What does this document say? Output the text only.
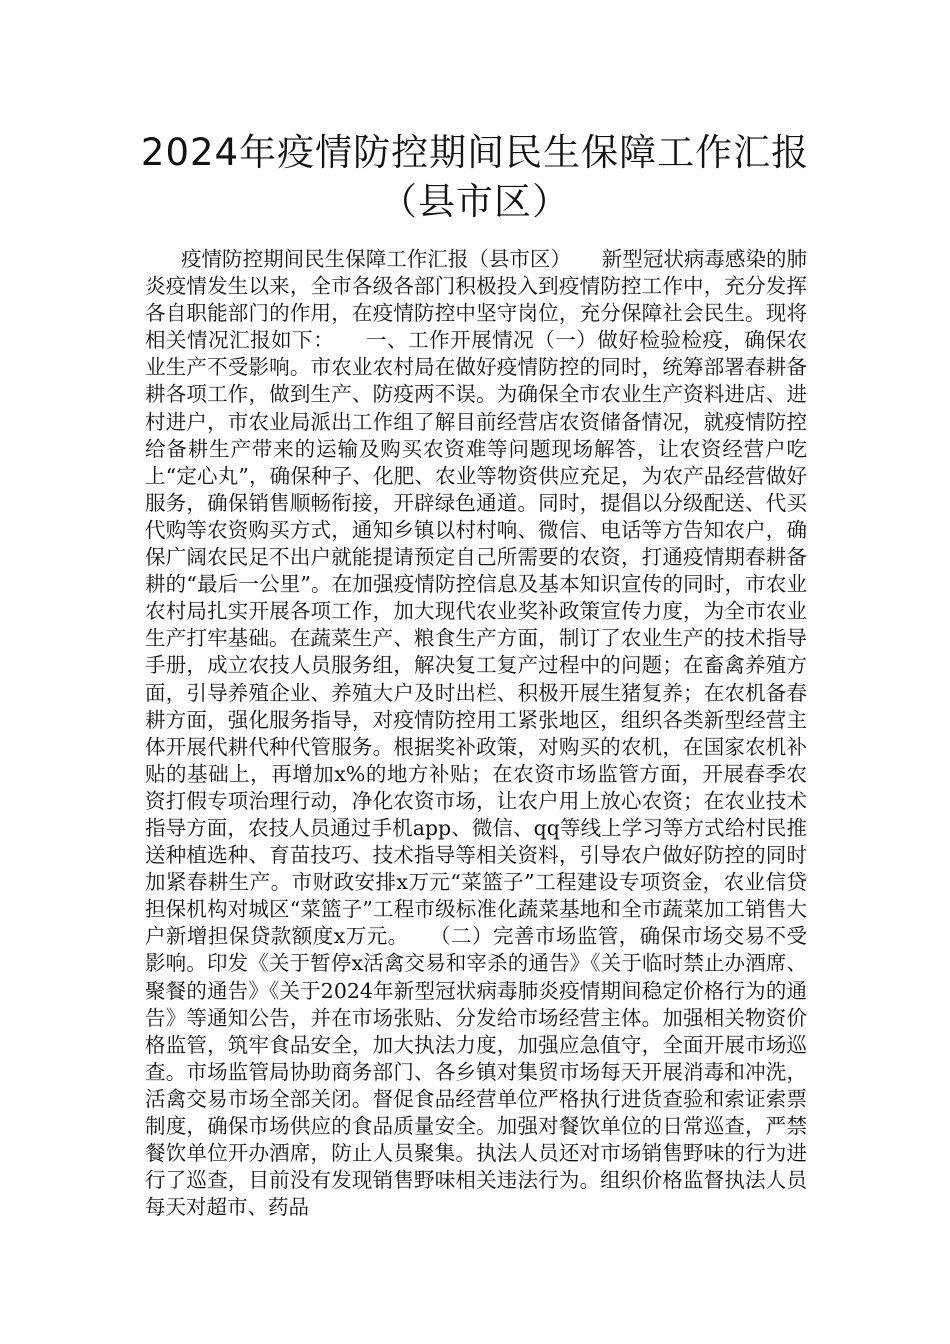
2024年疫情防控期间民生保障工作汇报
（县市区）

疫情防控期间民生保障工作汇报（县市区）　　新型冠状病毒感染的肺炎疫情发生以来，全市各级各部门积极投入到疫情防控工作中，充分发挥各自职能部门的作用，在疫情防控中坚守岗位，充分保障社会民生。现将相关情况汇报如下：　　一、工作开展情况（一）做好检验检疫，确保农业生产不受影响。市农业农村局在做好疫情防控的同时，统筹部署春耕备耕各项工作，做到生产、防疫两不误。为确保全市农业生产资料进店、进村进户，市农业局派出工作组了解目前经营店农资储备情况，就疫情防控给备耕生产带来的运输及购买农资难等问题现场解答，让农资经营户吃上“定心丸”，确保种子、化肥、农业等物资供应充足，为农产品经营做好服务，确保销售顺畅衔接，开辟绿色通道。同时，提倡以分级配送、代买代购等农资购买方式，通知乡镇以村村响、微信、电话等方告知农户，确保广阔农民足不出户就能提请预定自己所需要的农资，打通疫情期春耕备耕的“最后一公里”。在加强疫情防控信息及基本知识宣传的同时，市农业农村局扎实开展各项工作，加大现代农业奖补政策宣传力度，为全市农业生产打牢基础。在蔬菜生产、粮食生产方面，制订了农业生产的技术指导手册，成立农技人员服务组，解决复工复产过程中的问题；在畜禽养殖方面，引导养殖企业、养殖大户及时出栏、积极开展生猪复养；在农机备春耕方面，强化服务指导，对疫情防控用工紧张地区，组织各类新型经营主体开展代耕代种代管服务。根据奖补政策，对购买的农机，在国家农机补贴的基础上，再增加x%的地方补贴；在农资市场监管方面，开展春季农资打假专项治理行动，净化农资市场，让农户用上放心农资；在农业技术指导方面，农技人员通过手机app、微信、qq等线上学习等方式给村民推送种植选种、育苗技巧、技术指导等相关资料，引导农户做好防控的同时加紧春耕生产。市财政安排x万元“菜篮子”工程建设专项资金，农业信贷担保机构对城区“菜篮子”工程市级标准化蔬菜基地和全市蔬菜加工销售大户新增担保贷款额度x万元。　　（二）完善市场监管，确保市场交易不受影响。印发《关于暂停x活禽交易和宰杀的通告》《关于临时禁止办酒席、聚餐的通告》《关于2024年新型冠状病毒肺炎疫情期间稳定价格行为的通告》等通知公告，并在市场张贴、分发给市场经营主体。加强相关物资价格监管，筑牢食品安全，加大执法力度，加强应急值守，全面开展市场巡查。市场监管局协助商务部门、各乡镇对集贸市场每天开展消毒和冲洗，活禽交易市场全部关闭。督促食品经营单位严格执行进货查验和索证索票制度，确保市场供应的食品质量安全。加强对餐饮单位的日常巡查，严禁餐饮单位开办酒席，防止人员聚集。执法人员还对市场销售野味的行为进行了巡查，目前没有发现销售野味相关违法行为。组织价格监督执法人员每天对超市、药品
